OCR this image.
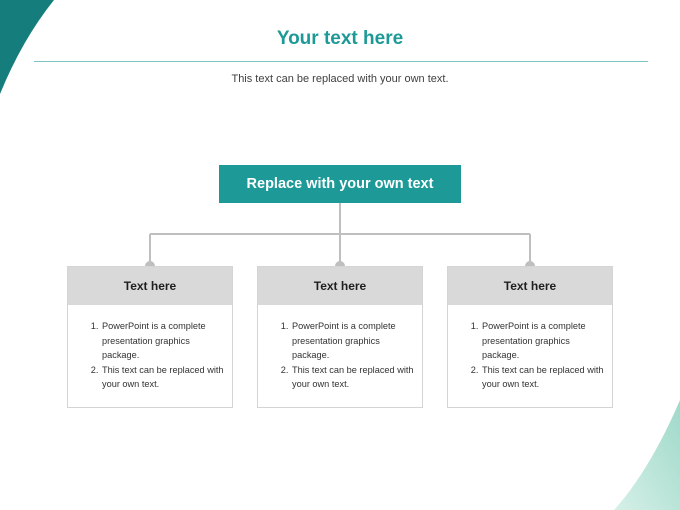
Your text here
This text can be replaced with your own text.
Replace with your own text
Text here
1. PowerPoint is a complete presentation graphics package.
2. This text can be replaced with your own text.
Text here
1. PowerPoint is a complete presentation graphics package.
2. This text can be replaced with your own text.
Text here
1. PowerPoint is a complete presentation graphics package.
2. This text can be replaced with your own text.
